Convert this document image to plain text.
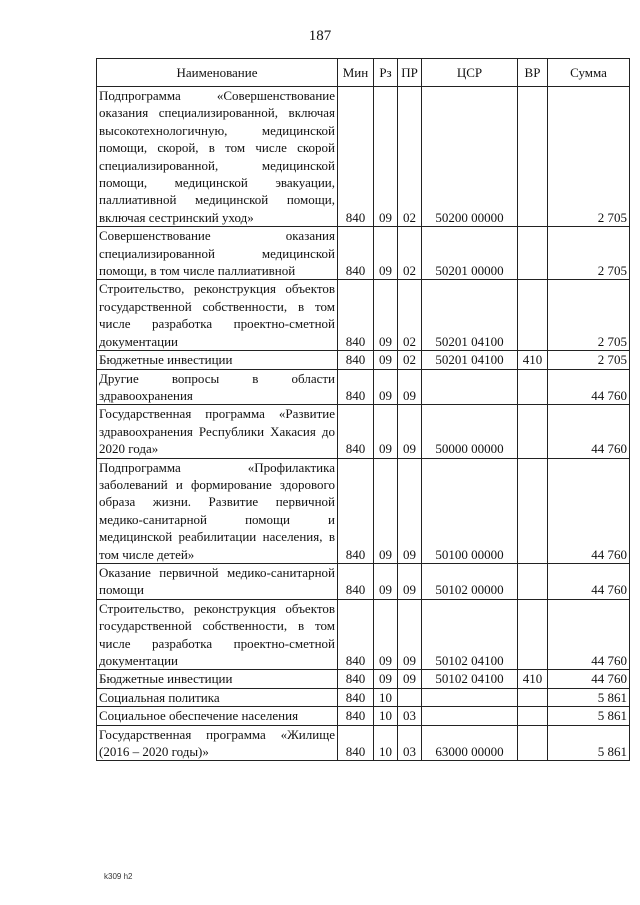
187
Наименование	Мин	Рз	ПР	ЦСР	ВР	Сумма
Подпрограмма «Совершенствование оказания специализированной, включая высокотехнологичную, медицинской помощи, скорой, в том числе скорой специализированной, медицинской помощи, медицинской эвакуации, паллиативной медицинской помощи, включая сестринский уход»	840	09	02	50200 00000		2 705
Совершенствование оказания специализированной медицинской помощи, в том числе паллиативной	840	09	02	50201 00000		2 705
Строительство, реконструкция объектов государственной собственности, в том числе разработка проектно-сметной документации	840	09	02	50201 04100		2 705
Бюджетные инвестиции	840	09	02	50201 04100	410	2 705
Другие вопросы в области здравоохранения	840	09	09			44 760
Государственная программа «Развитие здравоохранения Республики Хакасия до 2020 года»	840	09	09	50000 00000		44 760
Подпрограмма «Профилактика заболеваний и формирование здорового образа жизни. Развитие первичной медико-санитарной помощи и медицинской реабилитации населения, в том числе детей»	840	09	09	50100 00000		44 760
Оказание первичной медико-санитарной помощи	840	09	09	50102 00000		44 760
Строительство, реконструкция объектов государственной собственности, в том числе разработка проектно-сметной документации	840	09	09	50102 04100		44 760
Бюджетные инвестиции	840	09	09	50102 04100	410	44 760
Социальная политика	840	10				5 861
Социальное обеспечение населения	840	10	03			5 861
Государственная программа «Жилище (2016 – 2020 годы)»	840	10	03	63000 00000		5 861
k309 h2
